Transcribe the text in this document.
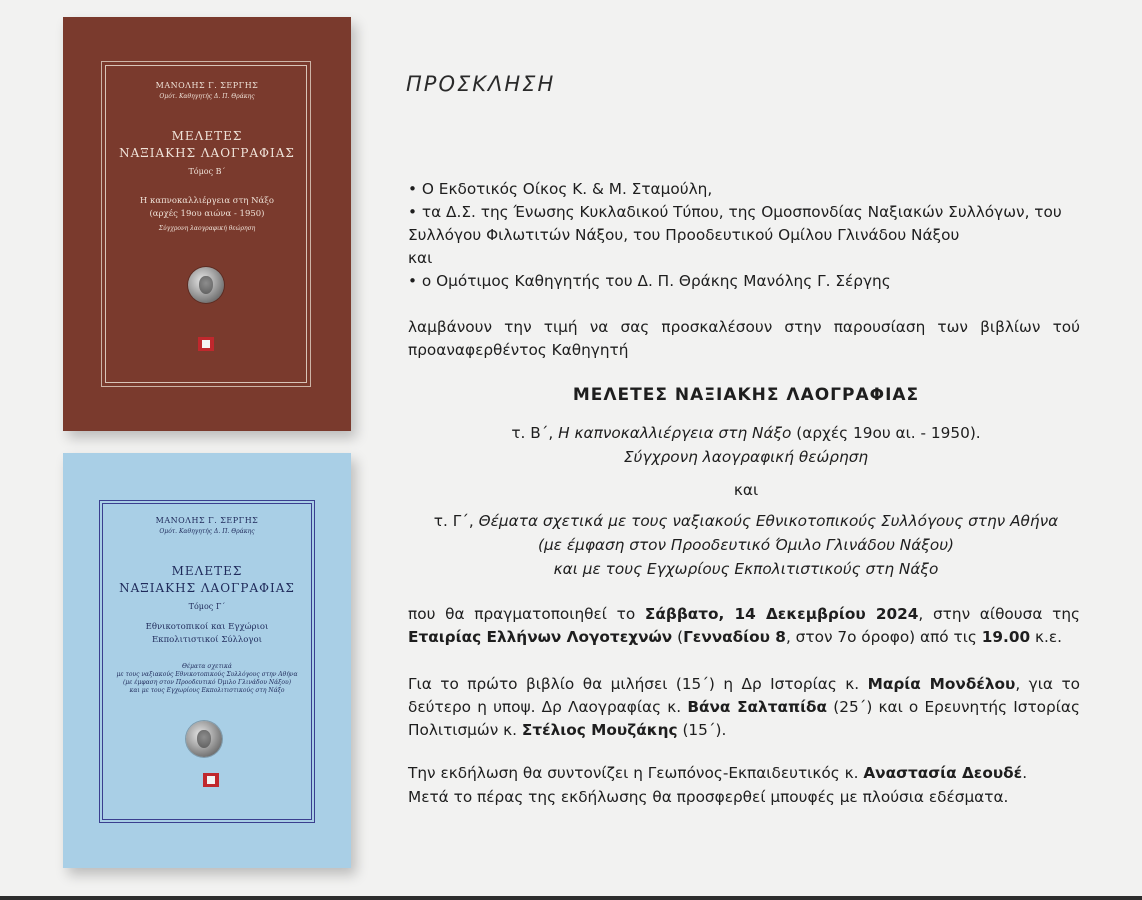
ΜΑΝΟΛΗΣ Γ. ΣΕΡΓΗΣ
Ομότ. Καθηγητής Δ. Π. Θράκης
ΜΕΛΕΤΕΣ
ΝΑΞΙΑΚΗΣ ΛΑΟΓΡΑΦΙΑΣ
Τόμος Β΄
Η καπνοκαλλιέργεια στη Νάξο
(αρχές 19ου αιώνα - 1950)
Σύγχρονη λαογραφική θεώρηση
ΜΑΝΟΛΗΣ Γ. ΣΕΡΓΗΣ
Ομότ. Καθηγητής Δ. Π. Θράκης
ΜΕΛΕΤΕΣ
ΝΑΞΙΑΚΗΣ ΛΑΟΓΡΑΦΙΑΣ
Τόμος Γ΄
Εθνικοτοπικοί και Εγχώριοι
Εκπολιτιστικοί Σύλλογοι
Θέματα σχετικά
με τους ναξιακούς Εθνικοτοπικούς Συλλόγους στην Αθήνα
(με έμφαση στον Προοδευτικό Όμιλο Γλινάδου Νάξου)
και με τους Εγχωρίους Εκπολιτιστικούς στη Νάξο
ΠΡΟΣΚΛΗΣΗ

• Ο Εκδοτικός Οίκος Κ. & Μ. Σταμούλη,

• τα Δ.Σ. της Ένωσης Κυκλαδικού Τύπου, της Ομοσπονδίας Ναξιακών Συλλόγων, του Συλλόγου Φιλωτιτών Νάξου, του Προοδευτικού Ομίλου Γλινάδου Νάξου

και

• ο Ομότιμος Καθηγητής του Δ. Π. Θράκης Μανόλης Γ. Σέργης

λαμβάνουν την τιμή να σας προσκαλέσουν στην παρουσίαση των βιβλίων τού προαναφερθέντος Καθηγητή
ΜΕΛΕΤΕΣ ΝΑΞΙΑΚΗΣ ΛΑΟΓΡΑΦΙΑΣ
τ. Β΄, Η καπνοκαλλιέργεια στη Νάξο (αρχές 19ου αι. - 1950).
Σύγχρονη λαογραφική θεώρηση
και
τ. Γ΄, Θέματα σχετικά με τους ναξιακούς Εθνικοτοπικούς Συλλόγους στην Αθήνα
(με έμφαση στον Προοδευτικό Όμιλο Γλινάδου Νάξου)
και με τους Εγχωρίους Εκπολιτιστικούς στη Νάξο
που θα πραγματοποιηθεί το Σάββατο, 14 Δεκεμβρίου 2024, στην αίθουσα της Εταιρίας Ελλήνων Λογοτεχνών (Γενναδίου 8, στον 7ο όροφο) από τις 19.00 κ.ε.
Για το πρώτο βιβλίο θα μιλήσει (15΄) η Δρ Ιστορίας κ. Μαρία Μονδέλου, για το δεύτερο η υποψ. Δρ Λαογραφίας κ. Βάνα Σαλταπίδα (25΄) και ο Ερευνητής Ιστορίας Πολιτισμών κ. Στέλιος Μουζάκης (15΄).
Την εκδήλωση θα συντονίζει η Γεωπόνος-Εκπαιδευτικός κ. Αναστασία Δεουδέ.
Μετά το πέρας της εκδήλωσης θα προσφερθεί μπουφές με πλούσια εδέσματα.
